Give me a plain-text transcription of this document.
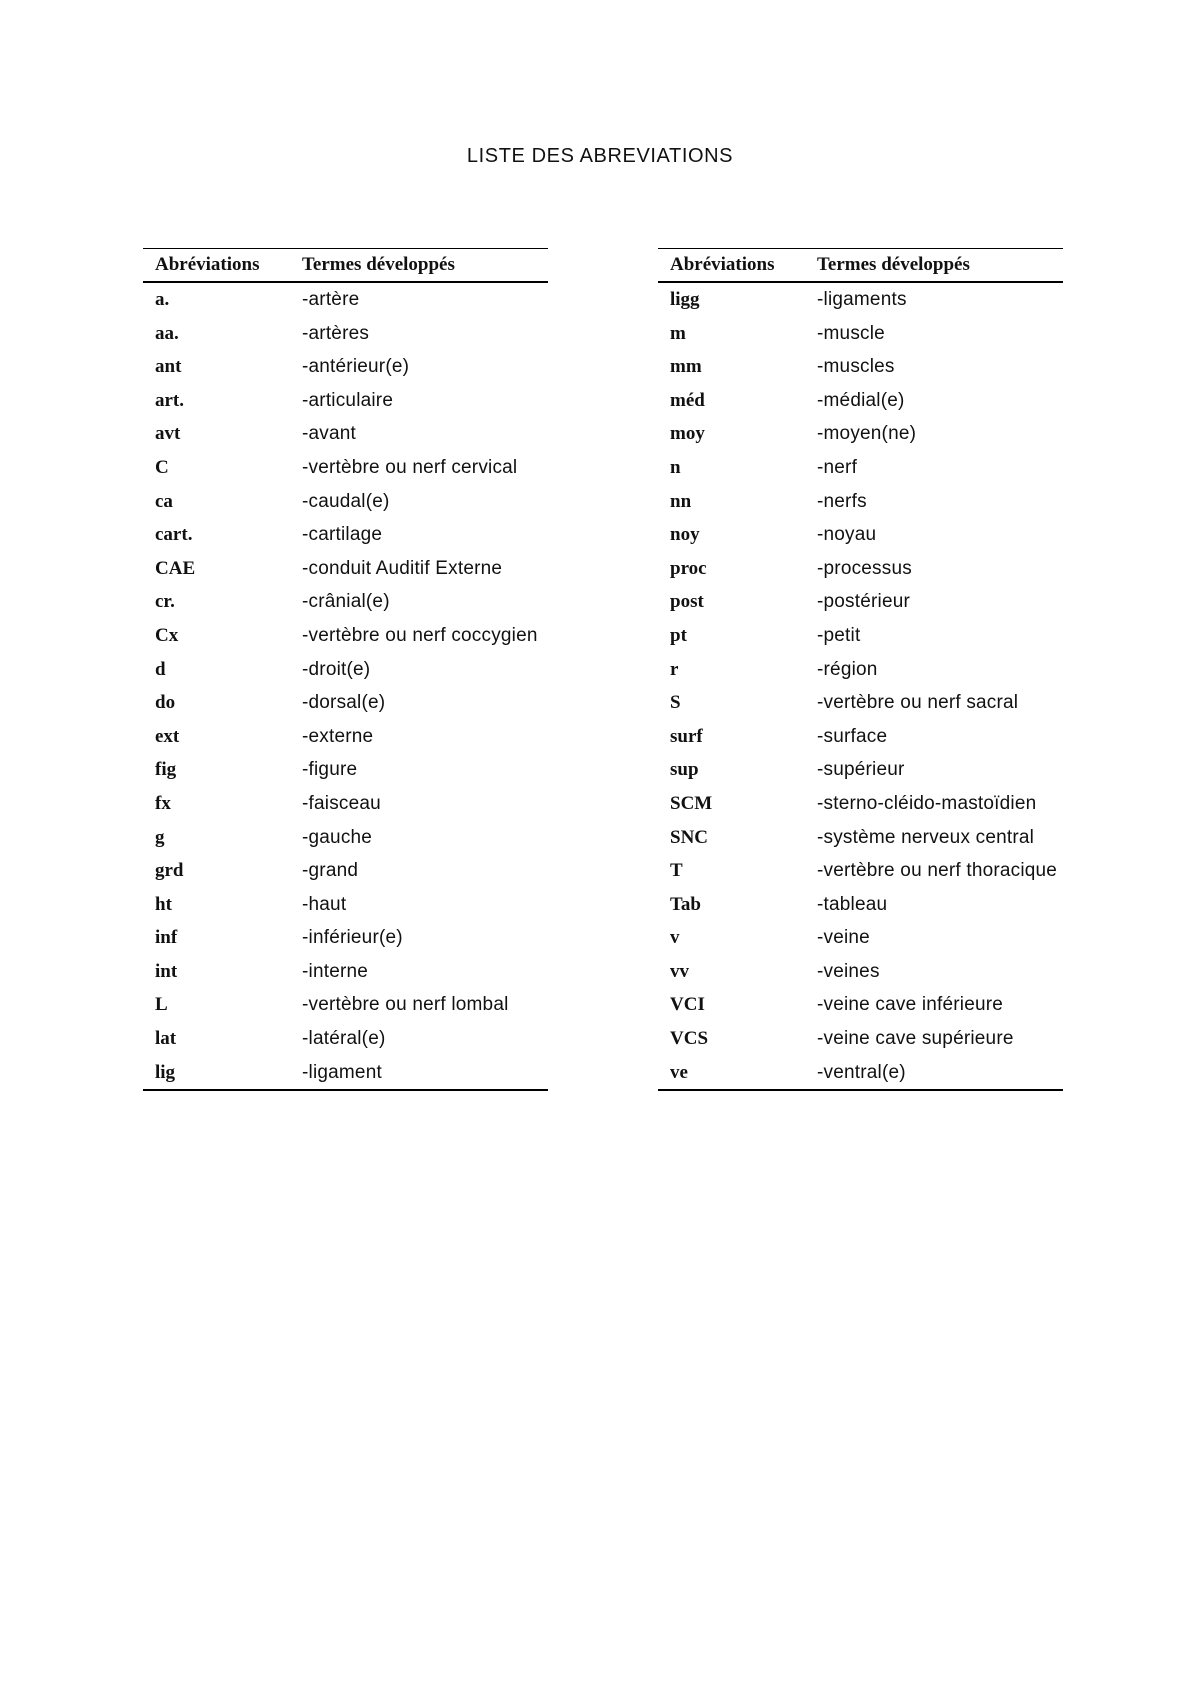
LISTE DES ABREVIATIONS
Abréviations	Termes développés
a.	-artère
aa.	-artères
ant	-antérieur(e)
art.	-articulaire
avt	-avant
C	-vertèbre ou nerf cervical
ca	-caudal(e)
cart.	-cartilage
CAE	-conduit Auditif Externe
cr.	-crânial(e)
Cx	-vertèbre ou nerf coccygien
d	-droit(e)
do	-dorsal(e)
ext	-externe
fig	-figure
fx	-faisceau
g	-gauche
grd	-grand
ht	-haut
inf	-inférieur(e)
int	-interne
L	-vertèbre ou nerf lombal
lat	-latéral(e)
lig	-ligament
Abréviations	Termes développés
ligg	-ligaments
m	-muscle
mm	-muscles
méd	-médial(e)
moy	-moyen(ne)
n	-nerf
nn	-nerfs
noy	-noyau
proc	-processus
post	-postérieur
pt	-petit
r	-région
S	-vertèbre ou nerf sacral
surf	-surface
sup	-supérieur
SCM	-sterno-cléido-mastoïdien
SNC	-système nerveux central
T	-vertèbre ou nerf thoracique
Tab	-tableau
v	-veine
vv	-veines
VCI	-veine cave inférieure
VCS	-veine cave supérieure
ve	-ventral(e)
